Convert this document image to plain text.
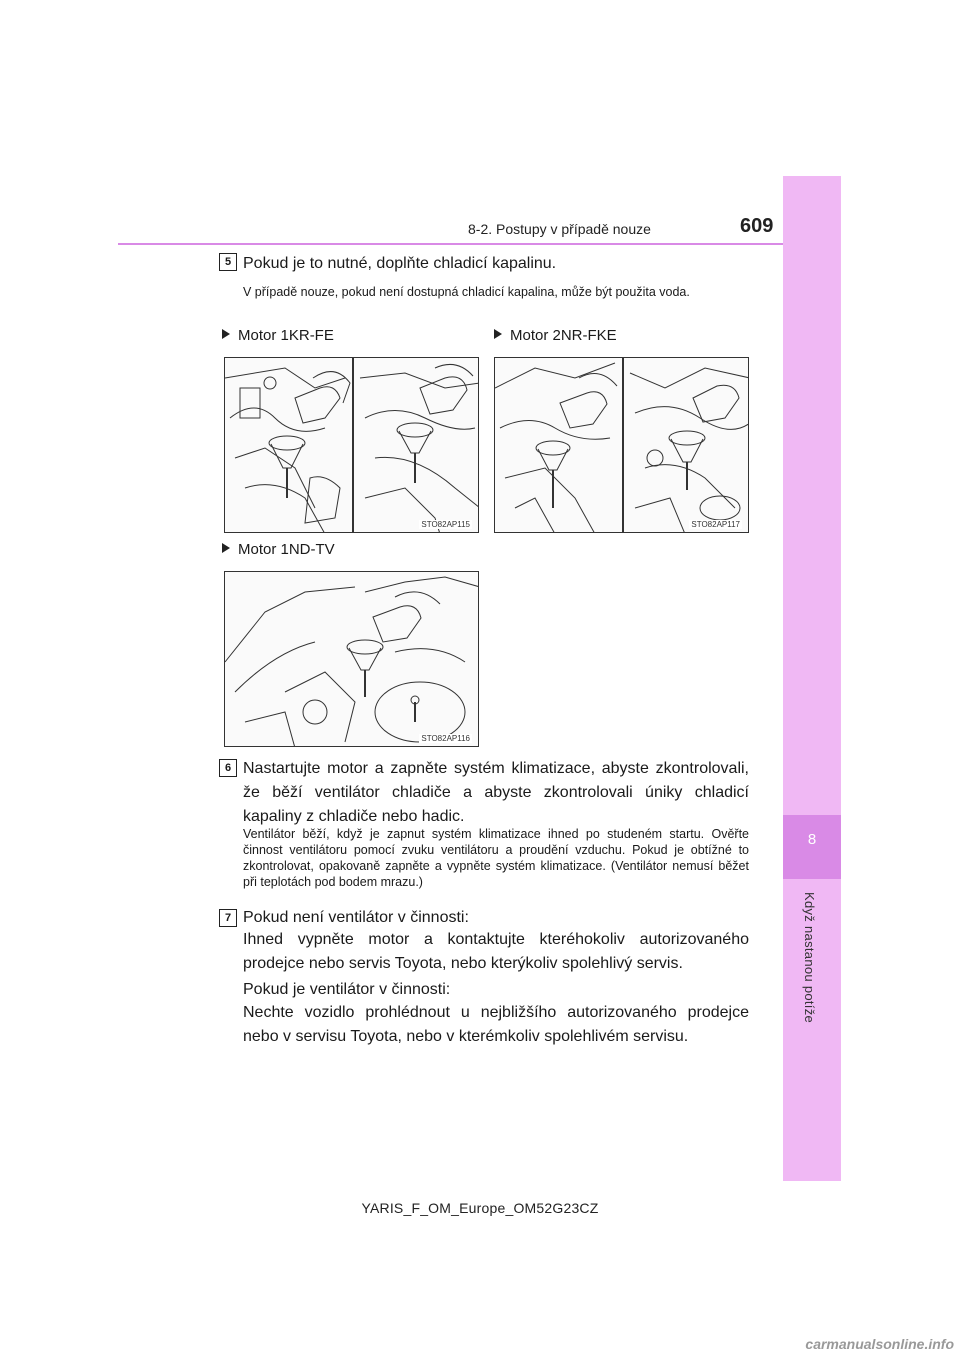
8
Když nastanou potíže
8-2. Postupy v případě nouze	609
5 Pokud je to nutné, doplňte chladicí kapalinu.
V případě nouze, pokud není dostupná chladicí kapalina, může být použita voda.
Motor 1KR-FE	Motor 2NR-FKE
STO82AP115	STO82AP117
Motor 1ND-TV
STO82AP116
6 Nastartujte motor a zapněte systém klimatizace, abyste zkontrolovali, že běží ventilátor chladiče a abyste zkontrolovali úniky chladicí kapaliny z chladiče nebo hadic.
Ventilátor běží, když je zapnut systém klimatizace ihned po studeném startu. Ověřte činnost ventilátoru pomocí zvuku ventilátoru a proudění vzduchu. Pokud je obtížné to zkontrolovat, opakovaně zapněte a vypněte systém klimatizace. (Ventilátor nemusí běžet při teplotách pod bodem mrazu.)
7 Pokud není ventilátor v činnosti:
Ihned vypněte motor a kontaktujte kteréhokoliv autorizovaného prodejce nebo servis Toyota, nebo kterýkoliv spolehlivý servis.
Pokud je ventilátor v činnosti:
Nechte vozidlo prohlédnout u nejbližšího autorizovaného prodejce nebo v servisu Toyota, nebo v kterémkoliv spolehlivém servisu.
YARIS_F_OM_Europe_OM52G23CZ
carmanualsonline.info
